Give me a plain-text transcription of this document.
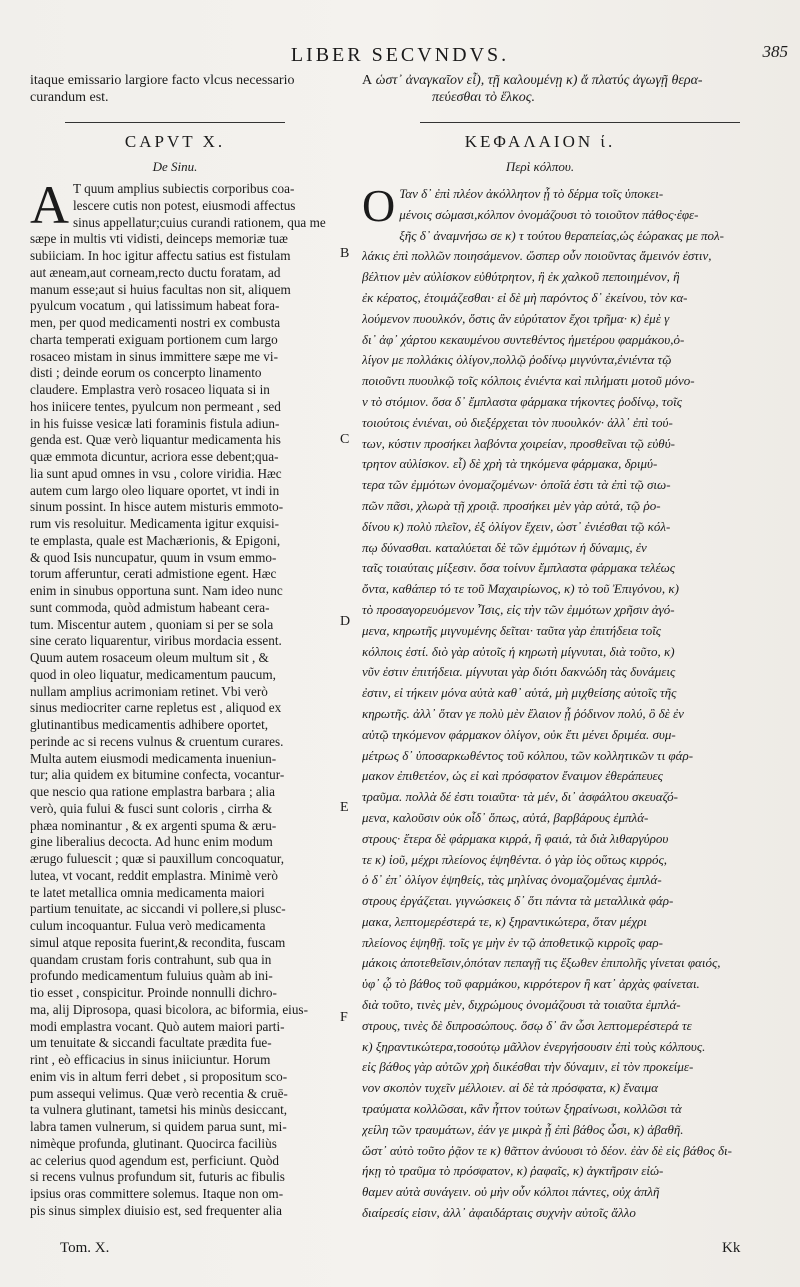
LIBER SECVNDVS.	385
itaque emissario largiore facto vlcus necessario
curandum est.
A ὡστ᾽ ἀναγκαῖον εἶ), τῇ καλουμένῃ κ) ἄ πλατύς ἀγωγῇ θερα-
πεύεσθαι τὸ ἕλκος.
CAPVT X.
De Sinu.
ΚΕΦΑΛΑΙΟΝ ί.
Περὶ κόλπου.
A T quum amplius subiectis corporibus coa-
lescere cutis non potest, eiusmodi affectus
sinus appellatur;cuius curandi rationem, qua me
sæpe in multis vti vidisti, deinceps memoriæ tuæ
subiiciam. In hoc igitur affectu satius est fistulam
aut æneam,aut corneam,recto ductu foratam, ad
manum esse;aut si huius facultas non sit, aliquem
pyulcum vocatum , qui latissimum habeat fora-
men, per quod medicamenti nostri ex combusta
charta temperati exiguam portionem cum largo
rosaceo mistam in sinus immittere sæpe me vi-
disti ; deinde eorum os concerpto linamento
claudere. Emplastra verò rosaceo liquata si in
hos iniicere tentes, pyulcum non permeant , sed
in his fuisse vesicæ lati foraminis fistula adiun-
genda est. Quæ verò liquantur medicamenta his
quæ emmota dicuntur, acriora esse debent;qua-
lia sunt apud omnes in vsu , colore viridia. Hæc
autem cum largo oleo liquare oportet, vt indi in
sinum possint. In hisce autem misturis emmoto-
rum vis resoluitur. Medicamenta igitur exquisi-
te emplasta, quale est Machærionis, & Epigoni,
& quod Isis nuncupatur, quum in vsum emmo-
torum afferuntur, cerati admistione egent. Hæc
enim in sinubus opportuna sunt. Nam ideo nunc
sunt commoda, quòd admistum habeant cera-
tum. Miscentur autem , quoniam si per se sola
sine cerato liquarentur, viribus mordacia essent.
Quum autem rosaceum oleum multum sit , &
quod in oleo liquatur, medicamentum paucum,
nullam amplius acrimoniam retinet. Vbi verò
sinus mediocriter carne repletus est , aliquod ex
glutinantibus medicamentis adhibere oportet,
perinde ac si recens vulnus & cruentum curares.
Multa autem eiusmodi medicamenta inueniun-
tur; alia quidem ex bitumine confecta, vocantur-
que nescio qua ratione emplastra barbara ; alia
verò, quia fului & fusci sunt coloris , cirrha &
phæa nominantur , & ex argenti spuma & æru-
gine liberalius decocta. Ad hunc enim modum
ærugo fuluescit ; quæ si pauxillum concoquatur,
lutea, vt vocant, reddit emplastra. Minimè verò
te latet metallica omnia medicamenta maiori
partium tenuitate, ac siccandi vi pollere,si plusc-
culum incoquantur. Fulua verò medicamenta
simul atque reposita fuerint,& recondita, fuscam
quandam crustam foris contrahunt, sub qua in
profundo medicamentum fuluius quàm ab ini-
tio esset , conspicitur. Proinde nonnulli dichro-
ma, alij Diprosopa, quasi bicolora, ac biformia, eius-
modi emplastra vocant. Quò autem maiori parti-
um tenuitate & siccandi facultate prædita fue-
rint , eò efficacius in sinus iniiciuntur. Horum
enim vis in altum ferri debet , si propositum sco-
pum assequi velimus. Quæ verò recentia & cruē-
ta vulnera glutinant, tametsi his minùs desiccant,
labra tamen vulnerum, si quidem parua sunt, mi-
nimèque profunda, glutinant. Quocirca faciliùs
ac celerius quod agendum est, perficiunt. Quòd
si recens vulnus profundum sit, futuris ac fibulis
ipsius oras committere solemus. Itaque non om-
pis sinus simplex diuisio est, sed frequenter alia
Ο Ταν δ᾽ ἐπὶ πλέον ἀκόλλητον ᾖ τὸ δέρμα τοῖς ὑποκει-
μένοις σώμασι,κόλπον ὀνομάζουσι τὸ τοιοῦτον πάθος·ἐφε-
ξῆς δ᾽ ἀναμνήσω σε κ) τ τούτου θεραπείας,ὡς ἑώρακας με πολ-
λάκις ἐπὶ πολλῶν ποιησάμενον. ὥσπερ οὖν ποιοῦντας ἄμεινόν ἐστιν,
βέλτιον μὲν αὐλίσκον εὐθύτρητον, ἢ ἐκ χαλκοῦ πεποιημένον, ἢ
ἐκ κέρατος, ἑτοιμάζεσθαι· εἰ δὲ μὴ παρόντος δ᾽ ἐκείνου, τὸν κα-
λούμενον πυουλκόν, ὅστις ἂν εὐρύτατον ἔχοι τρῆμα· κ) ἐμὲ γ
δι᾽ ἀφ᾽ χάρτου κεκαυμένου συντεθέντος ἡμετέρου φαρμάκου,ὀ-
λίγον με πολλάκις ὀλίγον,πολλῷ ῥοδίνῳ μιγνύντα,ἐνιέντα τῷ
ποιοῦντι πυουλκῷ τοῖς κόλποις ἐνιέντα καὶ πιλήματι μοτοῦ μόνο-
ν τὸ στόμιον. ὅσα δ᾽ ἔμπλαστα φάρμακα τήκοντες ῥοδίνῳ, τοῖς
τοιούτοις ἐνιέναι, οὐ διεξέρχεται τὸν πυουλκόν· ἀλλ᾽ ἐπὶ τού-
των, κύστιν προσήκει λαβόντα χοιρείαν, προσθεῖναι τῷ εὐθύ-
τρητον αὐλίσκον. εἶ) δὲ χρὴ τὰ τηκόμενα φάρμακα, δριμύ-
τερα τῶν ἐμμότων ὀνομαζομένων· ὁποῖά ἐστι τὰ ἐπὶ τῷ σιω-
πῶν πᾶσι, χλωρὰ τῇ χροιᾷ. προσήκει μὲν γὰρ αὐτά, τῷ ῥο-
δίνου κ) πολὺ πλεῖον, ἐξ ὀλίγον ἔχειν, ὡστ᾽ ἐνιέσθαι τῷ κόλ-
πῳ δύνασθαι. καταλύεται δὲ τῶν ἐμμότων ἡ δύναμις, ἐν
ταῖς τοιαύταις μίξεσιν. ὅσα τοίνυν ἔμπλαστα φάρμακα τελέως
ὄντα, καθάπερ τό τε τοῦ Μαχαιρίωνος, κ) τὸ τοῦ Ἐπιγόνου, κ)
τὸ προσαγορευόμενον Ἶσις, εἰς τὴν τῶν ἐμμότων χρῆσιν ἀγό-
μενα, κηρωτῆς μιγνυμένης δεῖται· ταῦτα γὰρ ἐπιτήδεια τοῖς
κόλποις ἐστί. διὸ γὰρ αὐτοῖς ἡ κηρωτὴ μίγνυται, διὰ τοῦτο, κ)
νῦν ἐστιν ἐπιτήδεια. μίγνυται γὰρ διότι δακνώδη τὰς δυνάμεις
ἐστιν, εἰ τήκειν μόνα αὐτὰ καθ᾽ αὑτά, μὴ μιχθείσης αὐτοῖς τῆς
κηρωτῆς. ἀλλ᾽ ὅταν γε πολὺ μὲν ἔλαιον ᾖ ῥόδινον πολύ, ὃ δὲ ἐν
αὐτῷ τηκόμενον φάρμακον ὀλίγον, οὐκ ἔτι μένει δριμέα. συμ-
μέτρως δ᾽ ὑποσαρκωθέντος τοῦ κόλπου, τῶν κολλητικῶν τι φάρ-
μακον ἐπιθετέον, ὡς εἰ καὶ πρόσφατον ἔναιμον ἐθεράπευες
τραῦμα. πολλὰ δέ ἐστι τοιαῦτα· τὰ μέν, δι᾽ ἀσφάλτου σκευαζό-
μενα, καλοῦσιν οὐκ οἶδ᾽ ὅπως, αὐτά, βαρβάρους ἐμπλά-
στρους· ἕτερα δὲ φάρμακα κιρρά, ἢ φαιά, τὰ διὰ λιθαργύρου
τε κ) ἰοῦ, μέχρι πλείονος ἑψηθέντα. ὁ γὰρ ἰὸς οὕτως κιρρός,
ὁ δ᾽ ἐπ᾽ ὀλίγον ἑψηθείς, τὰς μηλίνας ὀνομαζομένας ἐμπλά-
στρους ἐργάζεται. γιγνώσκεις δ᾽ ὅτι πάντα τὰ μεταλλικὰ φάρ-
μακα, λεπτομερέστερά τε, κ) ξηραντικώτερα, ὅταν μέχρι
πλείονος ἑψηθῇ. τοῖς γε μὴν ἐν τῷ ἀποθετικῷ κιρροῖς φαρ-
μάκοις ἀποτεθεῖσιν,ὁπόταν πεπαγῇ τις ἔξωθεν ἐπιπολῆς γίνεται φαιός,
ὑφ᾽ ᾧ τὸ βάθος τοῦ φαρμάκου, κιρρότερον ἢ κατ᾽ ἀρχὰς φαίνεται.
διὰ τοῦτο, τινὲς μὲν, διχρώμους ὀνομάζουσι τὰ τοιαῦτα ἐμπλά-
στρους, τινὲς δὲ διπροσώπους. ὅσῳ δ᾽ ἂν ὦσι λεπτομερέστερά τε
κ) ξηραντικώτερα,τοσούτῳ μᾶλλον ἐνεργήσουσιν ἐπὶ τοὺς κόλπους.
εἰς βάθος γὰρ αὐτῶν χρὴ διικέσθαι τὴν δύναμιν, εἰ τὸν προκείμε-
νον σκοπὸν τυχεῖν μέλλοιεν. αἱ δὲ τὰ πρόσφατα, κ) ἔναιμα
τραύματα κολλῶσαι, κἂν ἧττον τούτων ξηραίνωσι, κολλῶσι τὰ
χείλη τῶν τραυμάτων, ἐάν γε μικρὰ ᾖ ἐπὶ βάθος ὦσι, κ) ἀβαθῆ.
ὥστ᾽ αὐτὸ τοῦτο ῥᾷον τε κ) θᾶττον ἀνύουσι τὸ δέον. ἐὰν δὲ εἰς βάθος δι-
ήκῃ τὸ τραῦμα τὸ πρόσφατον, κ) ῥαφαῖς, κ) ἀγκτῆρσιν εἰώ-
θαμεν αὐτὰ συνάγειν. οὐ μὴν οὖν κόλποι πάντες, οὐχ ἁπλῆ
διαίρεσίς εἰσιν, ἀλλ᾽ ἀφαιδάρταις συχνὴν αὐτοῖς ἄλλο
B
C
D
E
F
Tom. X.	Kk
